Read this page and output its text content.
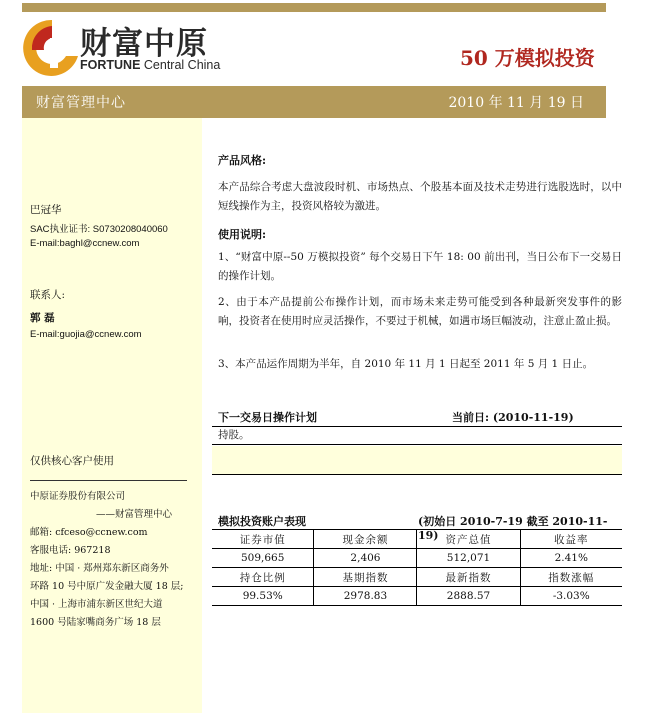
财富中原
FORTUNE Central China	50 万模拟投资
财富管理中心	2010 年 11 月 19 日
巴冠华
SAC执业证书: S0730208040060
E-mail:baghl@ccnew.com
联系人:
郭 磊
E-mail:guojia@ccnew.com
仅供核心客户使用
中原证券股份有限公司
——财富管理中心
邮箱: cfceso@ccnew.com
客服电话: 967218
地址: 中国 · 郑州郑东新区商务外
环路 10 号中原广发金融大厦 18 层;
中国 · 上海市浦东新区世纪大道
1600 号陆家嘴商务广场 18 层
产品风格:
本产品综合考虑大盘波段时机、市场热点、个股基本面及技术走势进行选股选时，以中短线操作为主，投资风格较为激进。
使用说明:
1、“财富中原--50 万模拟投资” 每个交易日下午 18: 00 前出刊，当日公布下一交易日的操作计划。
2、由于本产品提前公布操作计划，而市场未来走势可能受到各种最新突发事件的影响，投资者在使用时应灵活操作，不要过于机械，如遇市场巨幅波动，注意止盈止损。
3、本产品运作周期为半年，自 2010 年 11 月 1 日起至 2011 年 5 月 1 日止。
下一交易日操作计划	当前日: (2010-11-19)
持股。
模拟投资账户表现	(初始日 2010-7-19 截至 2010-11-19)
证券市值	现金余额	资产总值	收益率
509,665	2,406	512,071	2.41%
持仓比例	基期指数	最新指数	指数涨幅
99.53%	2978.83	2888.57	-3.03%
